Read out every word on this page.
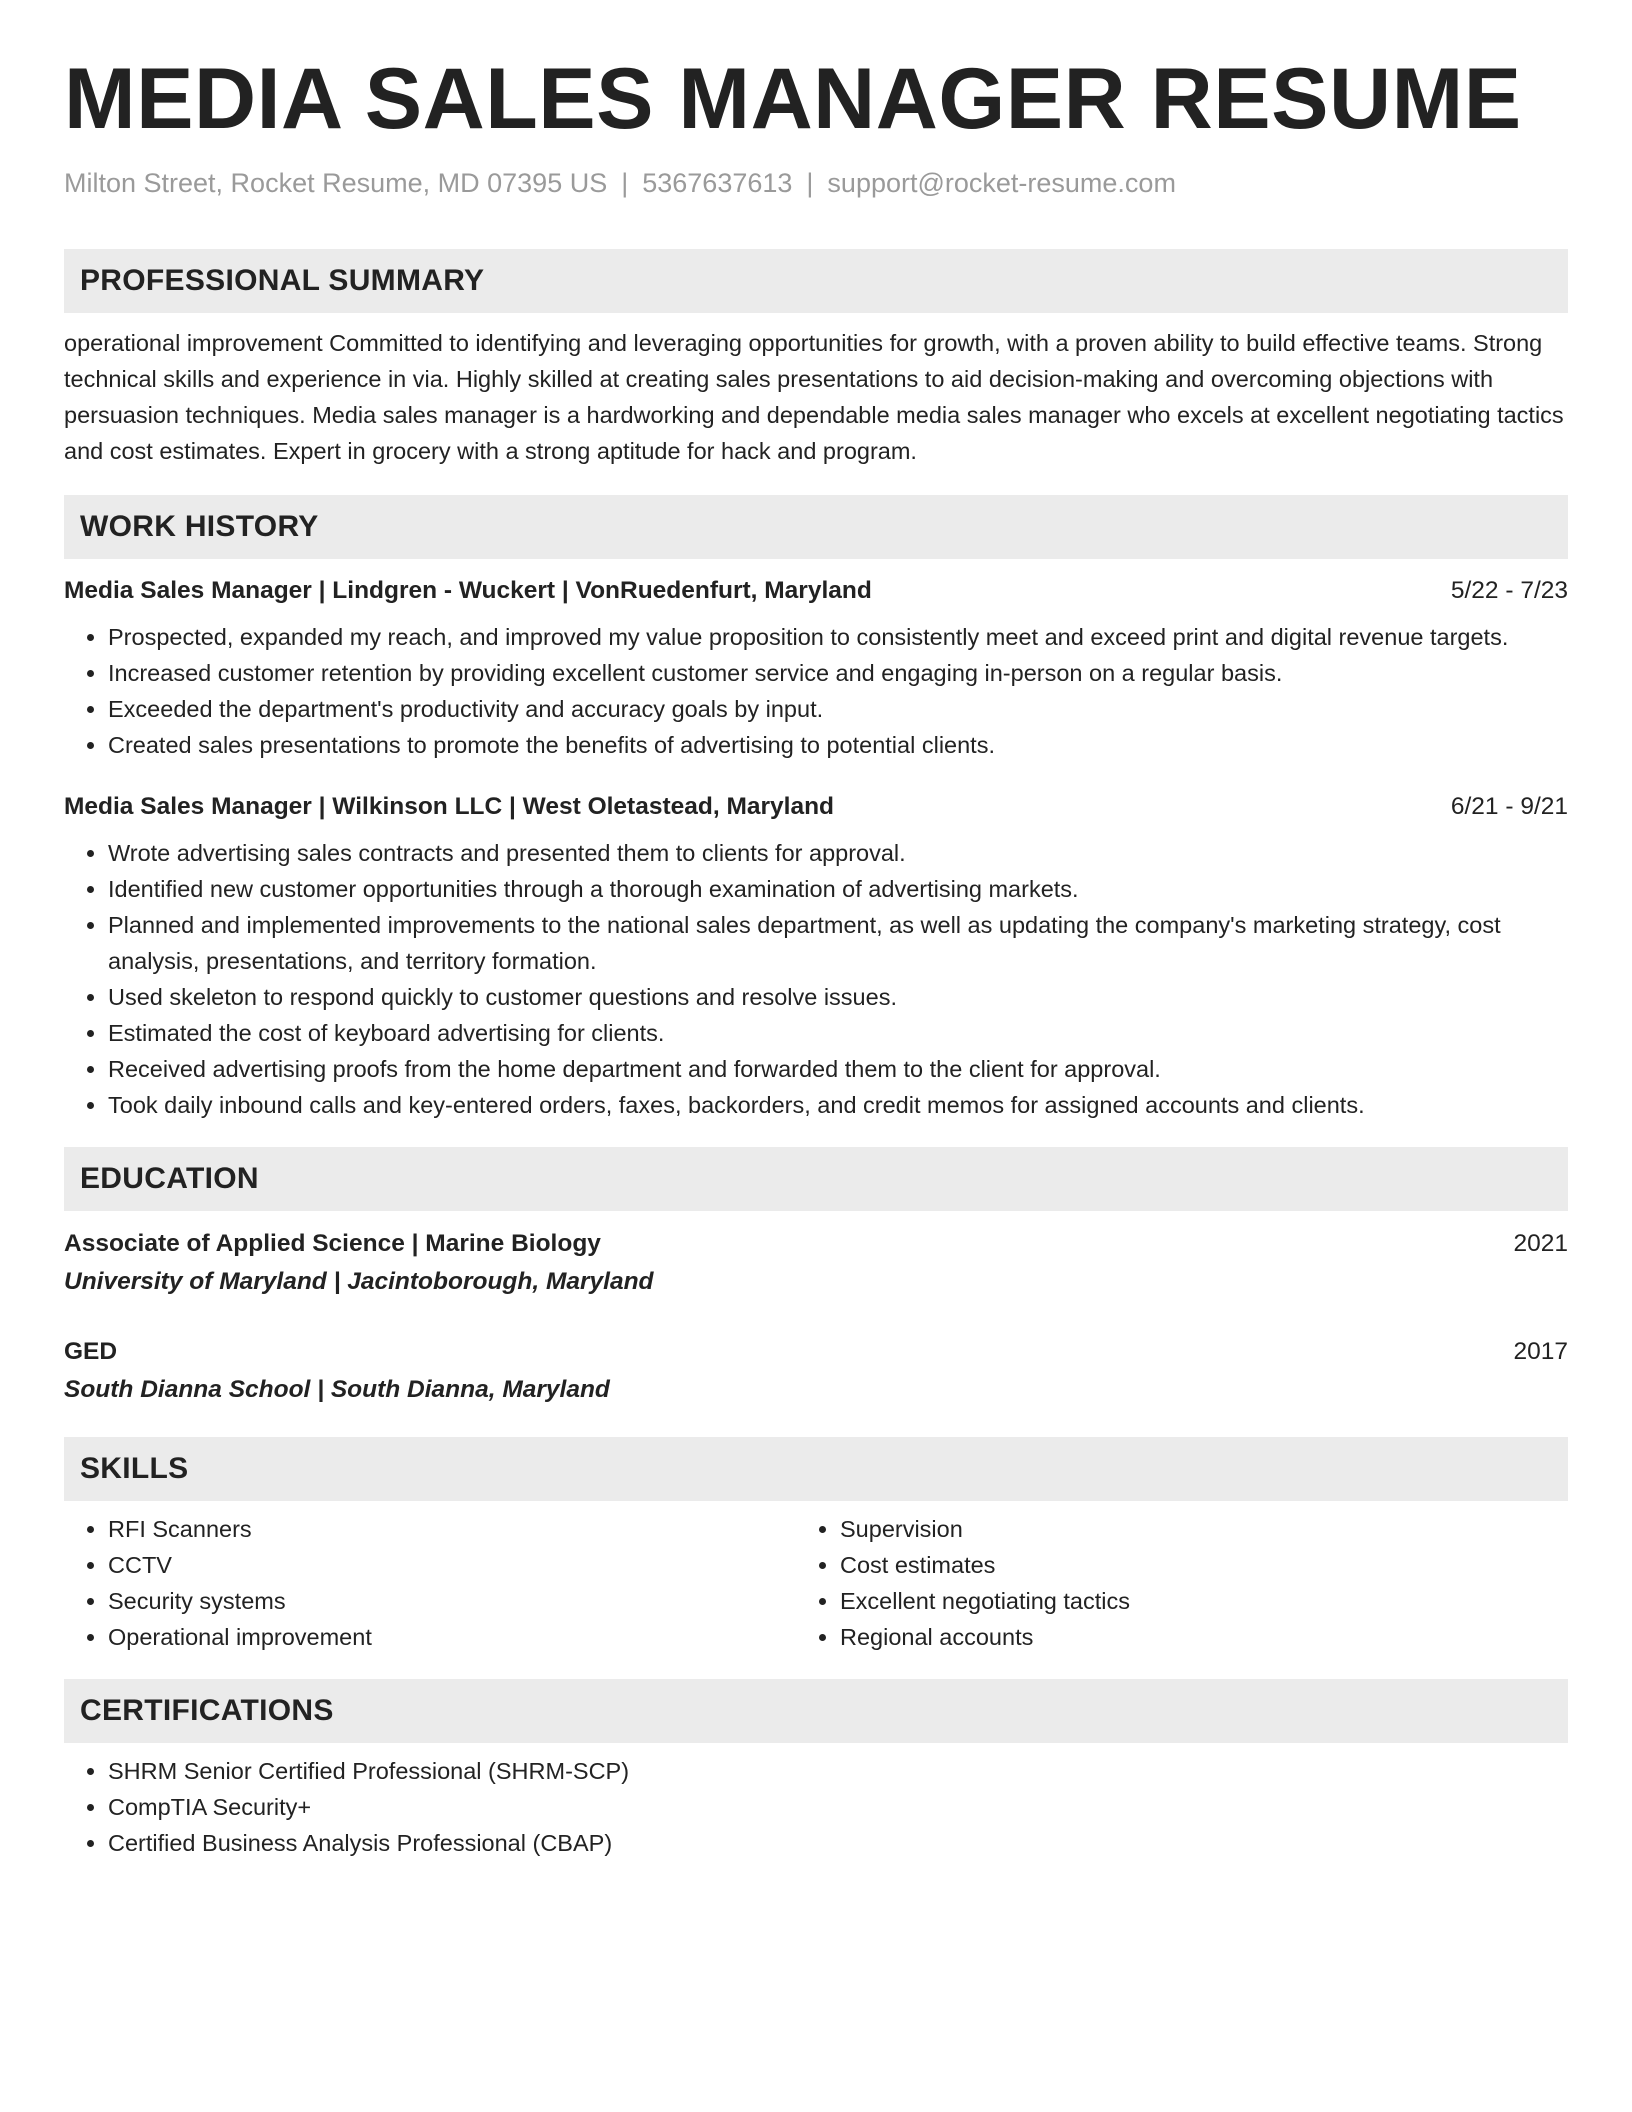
MEDIA SALES MANAGER RESUME
Milton Street, Rocket Resume, MD 07395 US | 5367637613 | support@rocket-resume.com
PROFESSIONAL SUMMARY

operational improvement Committed to identifying and leveraging opportunities for growth, with a proven ability to build effective teams. Strong technical skills and experience in via. Highly skilled at creating sales presentations to aid decision-making and overcoming objections with persuasion techniques. Media sales manager is a hardworking and dependable media sales manager who excels at excellent negotiating tactics and cost estimates. Expert in grocery with a strong aptitude for hack and program.

WORK HISTORY
Media Sales Manager | Lindgren - Wuckert | VonRuedenfurt, Maryland	5/22 - 7/23
• Prospected, expanded my reach, and improved my value proposition to consistently meet and exceed print and digital revenue targets.
• Increased customer retention by providing excellent customer service and engaging in-person on a regular basis.
• Exceeded the department's productivity and accuracy goals by input.
• Created sales presentations to promote the benefits of advertising to potential clients.
Media Sales Manager | Wilkinson LLC | West Oletastead, Maryland	6/21 - 9/21
• Wrote advertising sales contracts and presented them to clients for approval.
• Identified new customer opportunities through a thorough examination of advertising markets.
• Planned and implemented improvements to the national sales department, as well as updating the company's marketing strategy, cost analysis, presentations, and territory formation.
• Used skeleton to respond quickly to customer questions and resolve issues.
• Estimated the cost of keyboard advertising for clients.
• Received advertising proofs from the home department and forwarded them to the client for approval.
• Took daily inbound calls and key-entered orders, faxes, backorders, and credit memos for assigned accounts and clients.
EDUCATION
Associate of Applied Science | Marine Biology	2021
University of Maryland | Jacintoborough, Maryland
GED	2017
South Dianna School | South Dianna, Maryland
SKILLS
• RFI Scanners
• CCTV
• Security systems
• Operational improvement
• Supervision
• Cost estimates
• Excellent negotiating tactics
• Regional accounts
CERTIFICATIONS
• SHRM Senior Certified Professional (SHRM-SCP)
• CompTIA Security+
• Certified Business Analysis Professional (CBAP)
